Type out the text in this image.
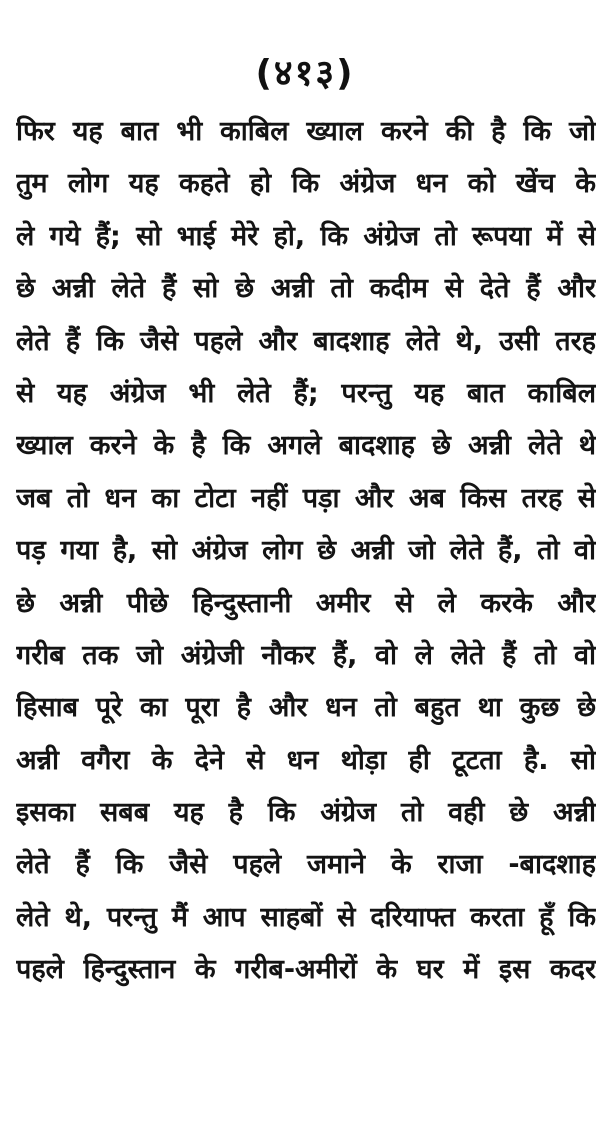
(४१३)
फिर यह बात भी काबिल ख्याल करने की है कि जो
तुम लोग यह कहते हो कि अंग्रेज धन को खेंच के
ले गये हैं; सो भाई मेरे हो, कि अंग्रेज तो रूपया में से
छे अन्नी लेते हैं सो छे अन्नी तो कदीम से देते हैं और
लेते हैं कि जैसे पहले और बादशाह लेते थे, उसी तरह
से यह अंग्रेज भी लेते हैं; परन्तु यह बात काबिल
ख्याल करने के है कि अगले बादशाह छे अन्नी लेते थे
जब तो धन का टोटा नहीं पड़ा और अब किस तरह से
पड़ गया है, सो अंग्रेज लोग छे अन्नी जो लेते हैं, तो वो
छे अन्नी पीछे हिन्दुस्तानी अमीर से ले करके और
गरीब तक जो अंग्रेजी नौकर हैं, वो ले लेते हैं तो वो
हिसाब पूरे का पूरा है और धन तो बहुत था कुछ छे
अन्नी वगैरा के देने से धन थोड़ा ही टूटता है. सो
इसका सबब यह है कि अंग्रेज तो वही छे अन्नी
लेते हैं कि जैसे पहले जमाने के राजा -बादशाह
लेते थे, परन्तु मैं आप साहबों से दरियाफ्त करता हूँ कि
पहले हिन्दुस्तान के गरीब-अमीरों के घर में इस कदर
